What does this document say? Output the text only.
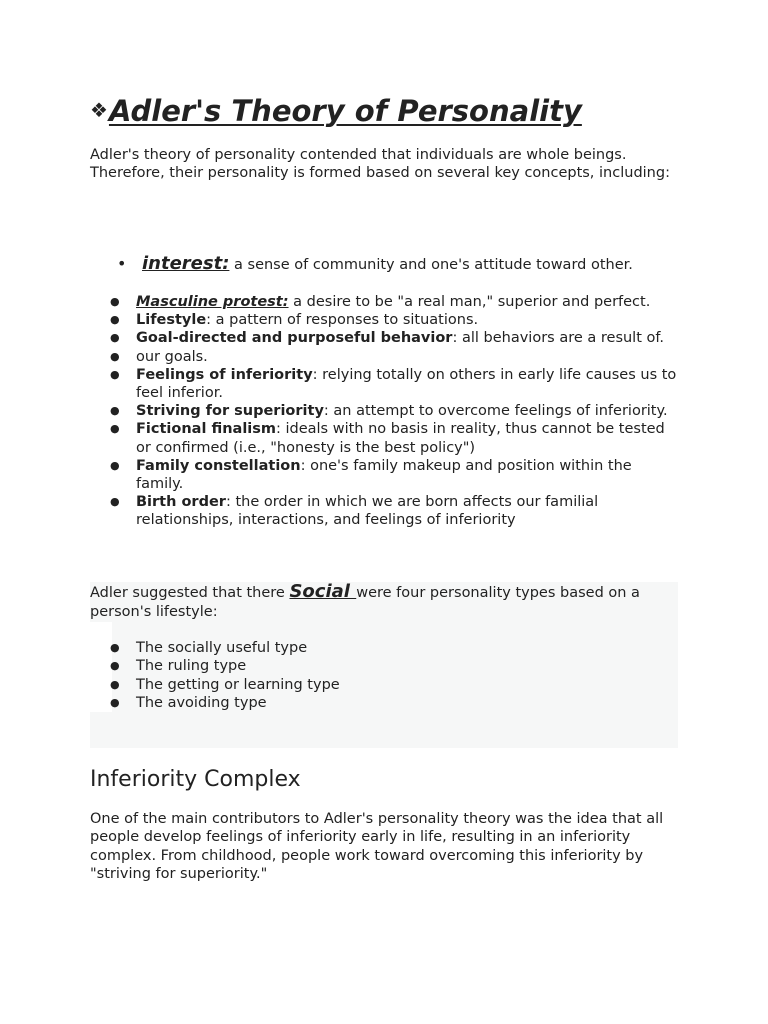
❖Adler's Theory of Personality

Adler's theory of personality contended that individuals are whole beings. Therefore, their personality is formed based on several key concepts, including:

• interest: a sense of community and one's attitude toward other.
● Masculine protest: a desire to be "a real man," superior and perfect.
● Lifestyle: a pattern of responses to situations.
● Goal-directed and purposeful behavior: all behaviors are a result of.
● our goals.
● Feelings of inferiority: relying totally on others in early life causes us to feel inferior.
● Striving for superiority: an attempt to overcome feelings of inferiority.
● Fictional finalism: ideals with no basis in reality, thus cannot be tested or confirmed (i.e., "honesty is the best policy")
● Family constellation: one's family makeup and position within the family.
● Birth order: the order in which we are born affects our familial relationships, interactions, and feelings of inferiority

Adler suggested that there Social were four personality types based on a person's lifestyle:

● The socially useful type
● The ruling type
● The getting or learning type
● The avoiding type
Inferiority Complex

One of the main contributors to Adler's personality theory was the idea that all people develop feelings of inferiority early in life, resulting in an inferiority complex. From childhood, people work toward overcoming this inferiority by "striving for superiority."
